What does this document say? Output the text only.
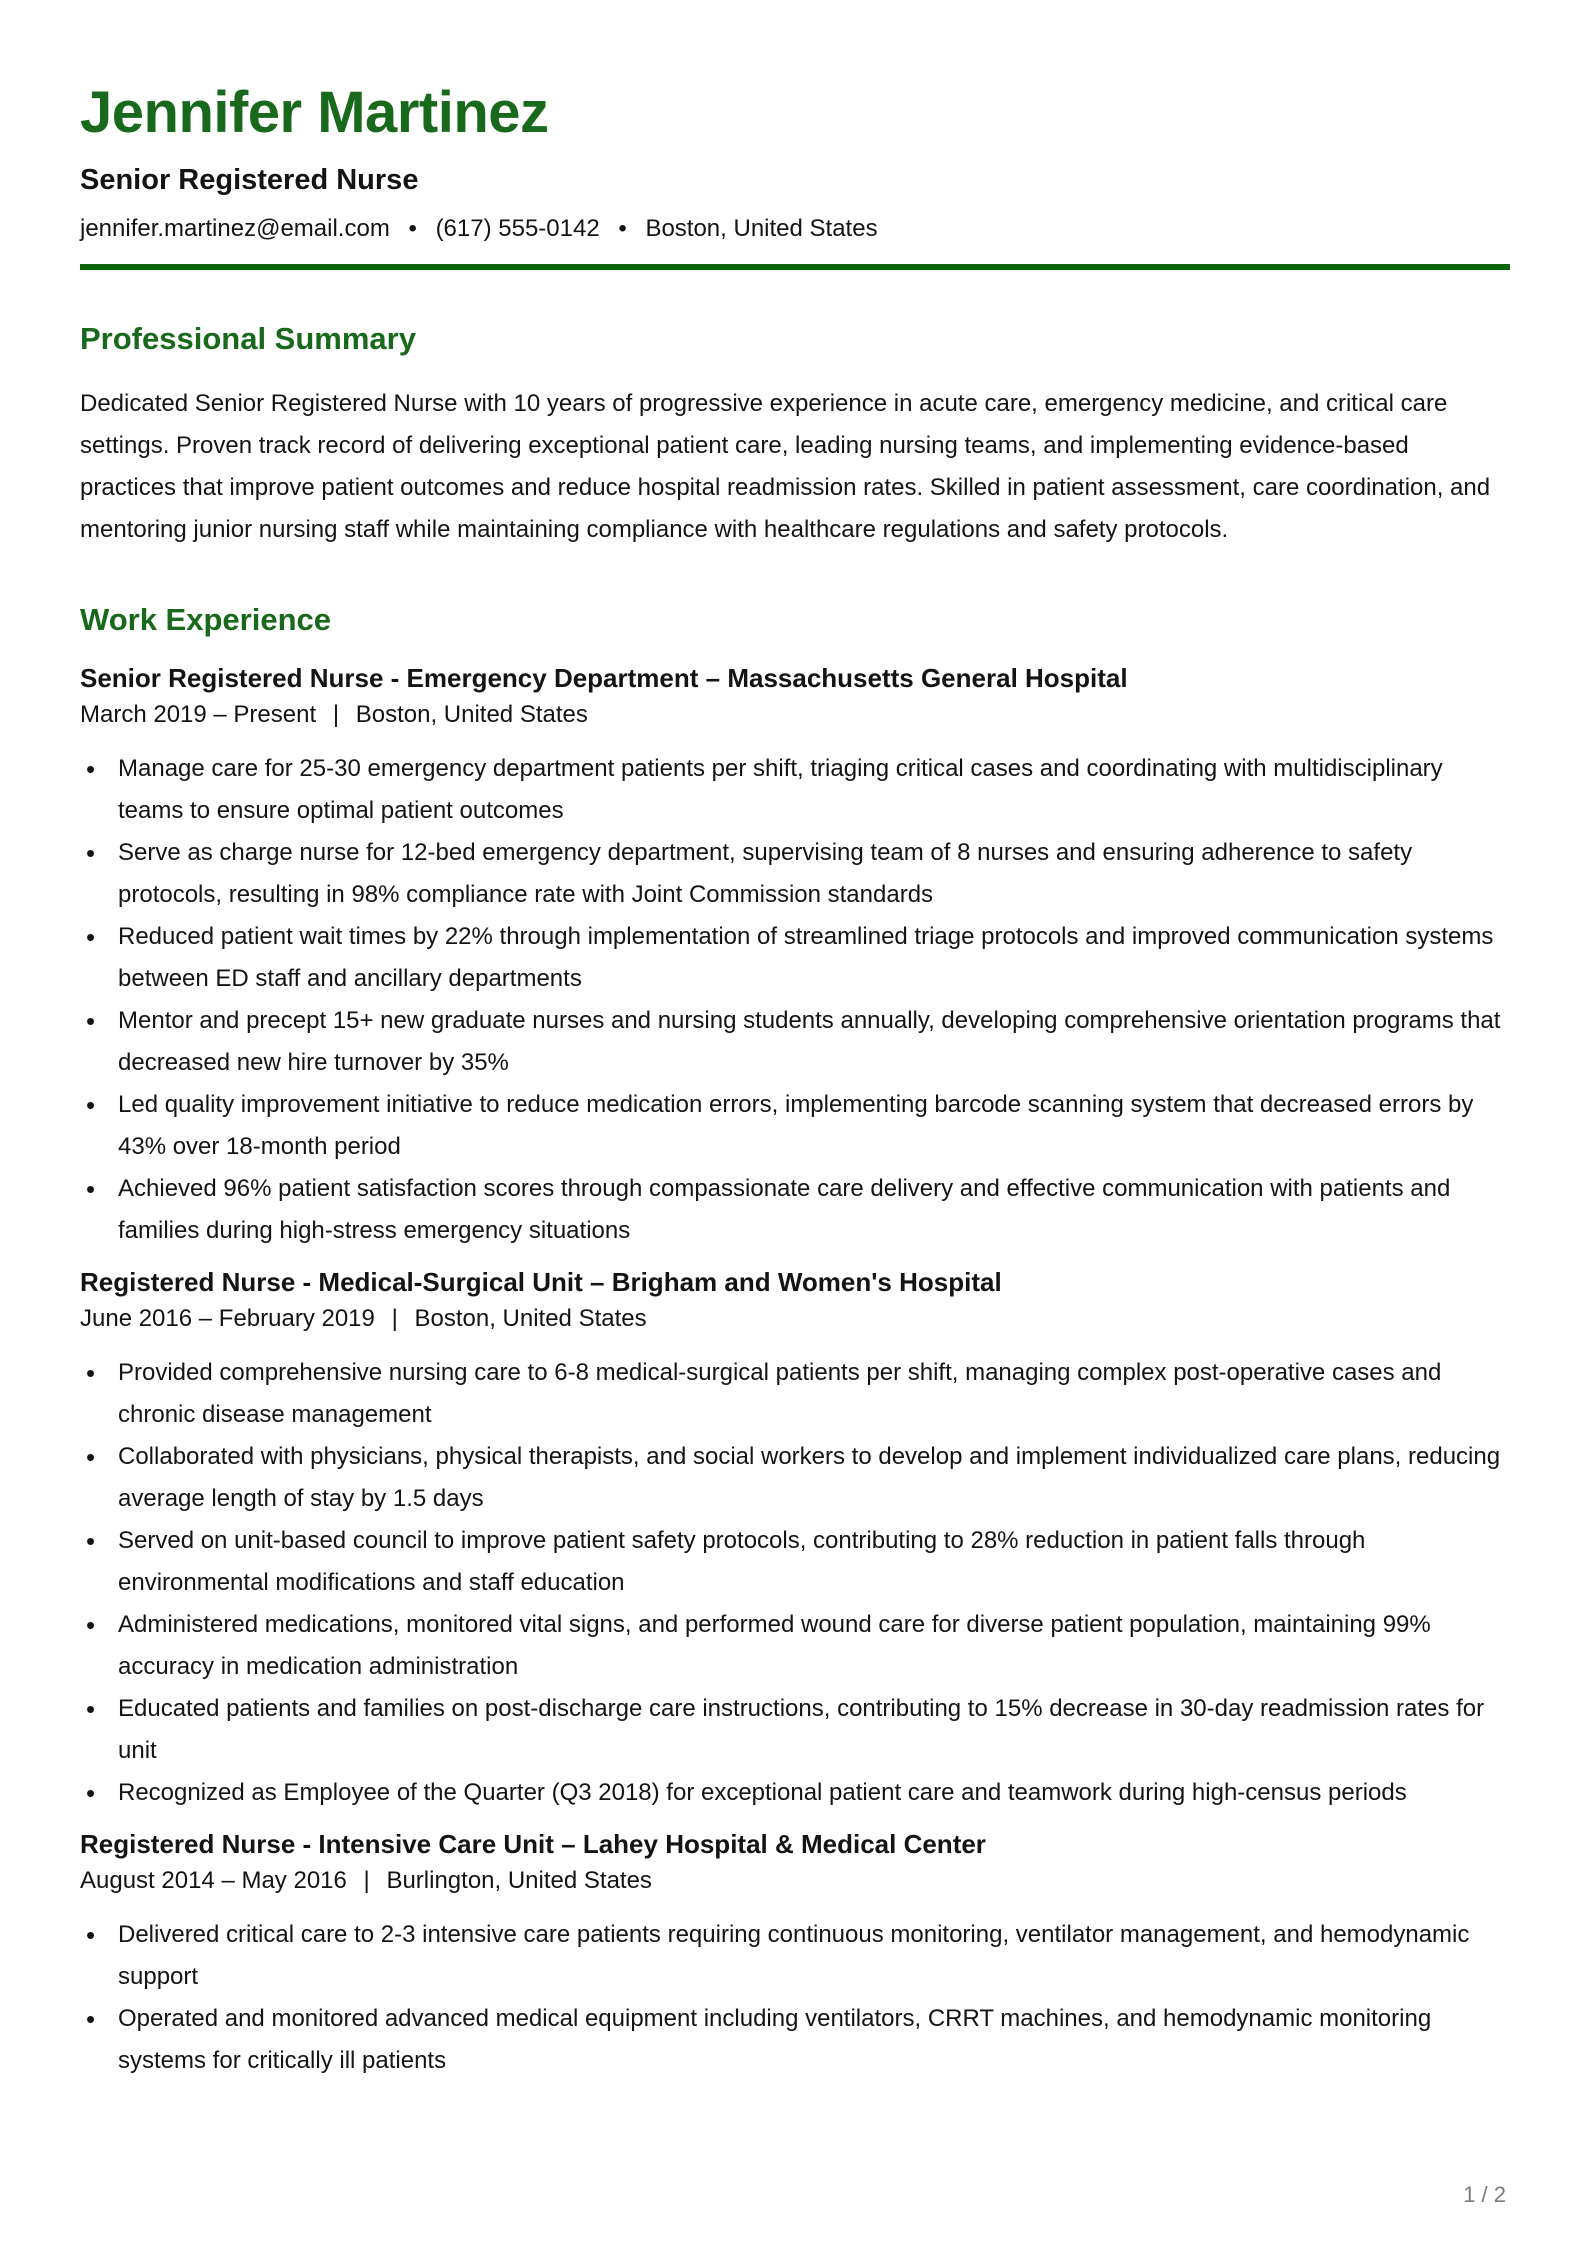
Jennifer Martinez
Senior Registered Nurse
jennifer.martinez@email.com • (617) 555-0142 • Boston, United States
Professional Summary

Dedicated Senior Registered Nurse with 10 years of progressive experience in acute care, emergency medicine, and critical care settings. Proven track record of delivering exceptional patient care, leading nursing teams, and implementing evidence-based practices that improve patient outcomes and reduce hospital readmission rates. Skilled in patient assessment, care coordination, and mentoring junior nursing staff while maintaining compliance with healthcare regulations and safety protocols.

Work Experience
Senior Registered Nurse - Emergency Department – Massachusetts General Hospital
March 2019 – Present | Boston, United States
• Manage care for 25-30 emergency department patients per shift, triaging critical cases and coordinating with multidisciplinary teams to ensure optimal patient outcomes
• Serve as charge nurse for 12-bed emergency department, supervising team of 8 nurses and ensuring adherence to safety protocols, resulting in 98% compliance rate with Joint Commission standards
• Reduced patient wait times by 22% through implementation of streamlined triage protocols and improved communication systems between ED staff and ancillary departments
• Mentor and precept 15+ new graduate nurses and nursing students annually, developing comprehensive orientation programs that decreased new hire turnover by 35%
• Led quality improvement initiative to reduce medication errors, implementing barcode scanning system that decreased errors by 43% over 18-month period
• Achieved 96% patient satisfaction scores through compassionate care delivery and effective communication with patients and families during high-stress emergency situations
Registered Nurse - Medical-Surgical Unit – Brigham and Women's Hospital
June 2016 – February 2019 | Boston, United States
• Provided comprehensive nursing care to 6-8 medical-surgical patients per shift, managing complex post-operative cases and chronic disease management
• Collaborated with physicians, physical therapists, and social workers to develop and implement individualized care plans, reducing average length of stay by 1.5 days
• Served on unit-based council to improve patient safety protocols, contributing to 28% reduction in patient falls through environmental modifications and staff education
• Administered medications, monitored vital signs, and performed wound care for diverse patient population, maintaining 99% accuracy in medication administration
• Educated patients and families on post-discharge care instructions, contributing to 15% decrease in 30-day readmission rates for unit
• Recognized as Employee of the Quarter (Q3 2018) for exceptional patient care and teamwork during high-census periods
Registered Nurse - Intensive Care Unit – Lahey Hospital & Medical Center
August 2014 – May 2016 | Burlington, United States
• Delivered critical care to 2-3 intensive care patients requiring continuous monitoring, ventilator management, and hemodynamic support
• Operated and monitored advanced medical equipment including ventilators, CRRT machines, and hemodynamic monitoring systems for critically ill patients
1 / 2
